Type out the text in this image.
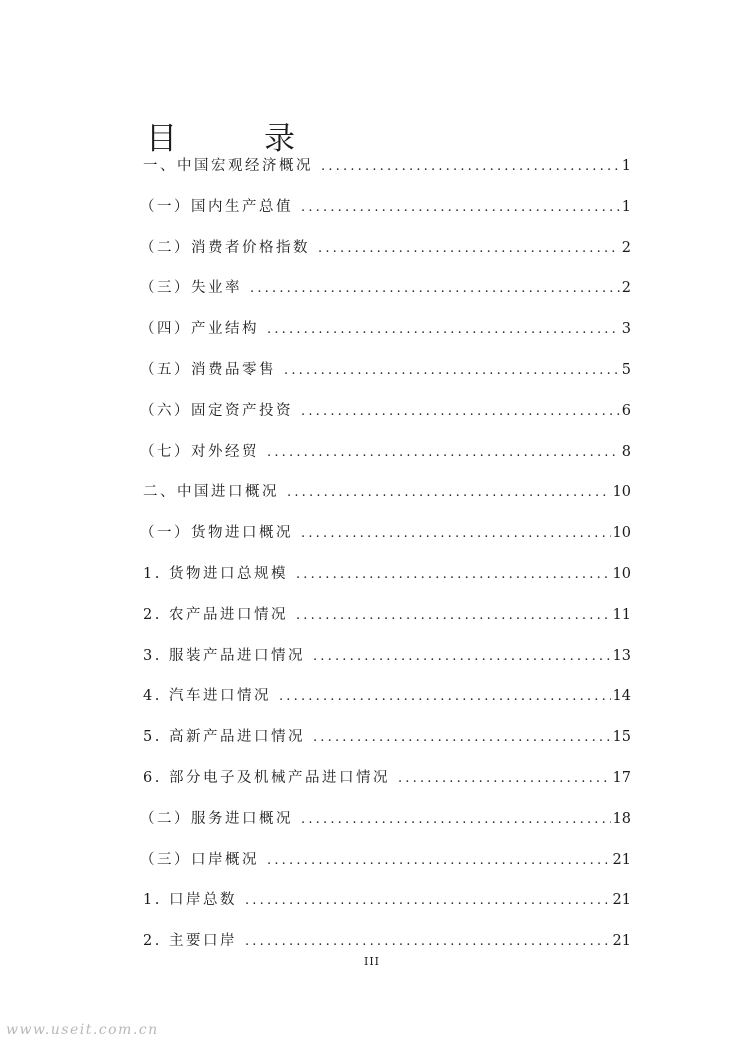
目　录
一、中国宏观经济概况 .....	1
（一）国内生产总值 .....	1
（二）消费者价格指数 .....	2
（三）失业率 .....	2
（四）产业结构 .....	3
（五）消费品零售 .....	5
（六）固定资产投资 .....	6
（七）对外经贸 .....	8
二、中国进口概况 .....	10
（一）货物进口概况 .....	10
1. 货物进口总规模 .....	10
2. 农产品进口情况 .....	11
3. 服装产品进口情况 .....	13
4. 汽车进口情况 .....	14
5. 高新产品进口情况 .....	15
6. 部分电子及机械产品进口情况 .....	17
（二）服务进口概况 .....	18
（三）口岸概况 .....	21
1. 口岸总数 .....	21
2. 主要口岸 .....	21
III
www.useit.com.cn
